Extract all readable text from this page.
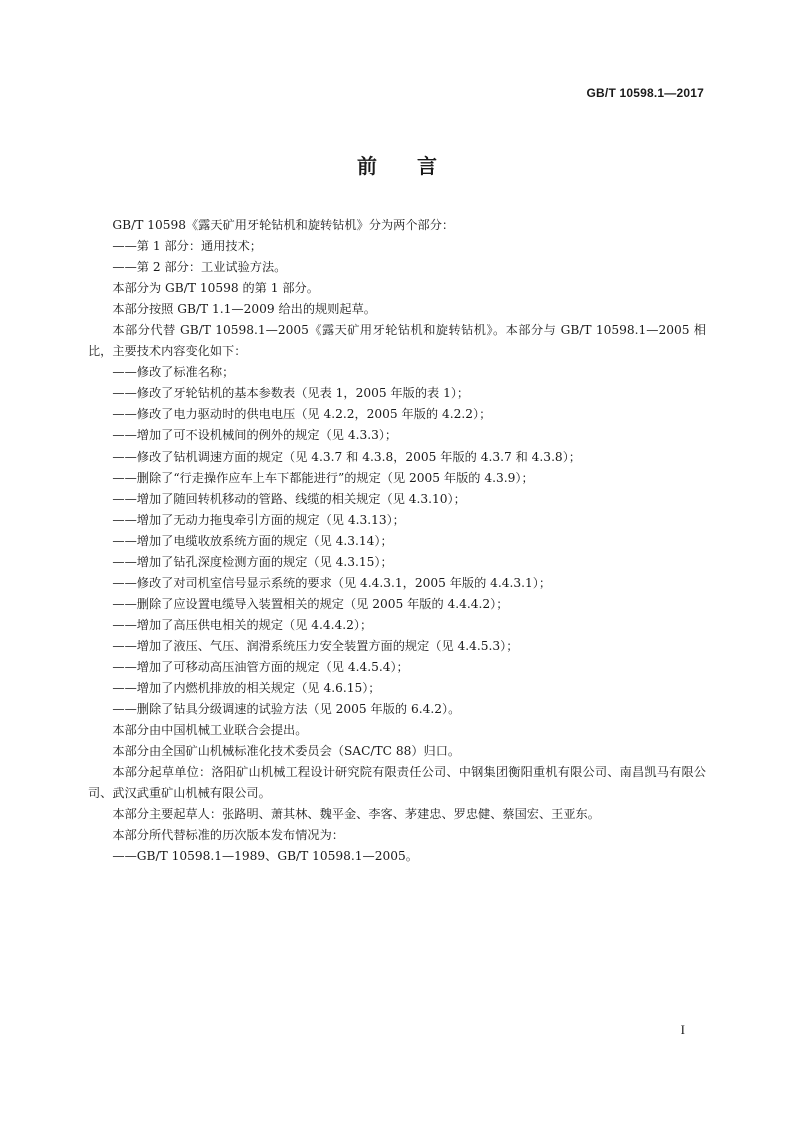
GB/T 10598.1—2017
前言

GB/T 10598《露天矿用牙轮钻机和旋转钻机》分为两个部分：

——第 1 部分：通用技术；

——第 2 部分：工业试验方法。

本部分为 GB/T 10598 的第 1 部分。

本部分按照 GB/T 1.1—2009 给出的规则起草。

本部分代替 GB/T 10598.1—2005《露天矿用牙轮钻机和旋转钻机》。本部分与 GB/T 10598.1—2005 相比，主要技术内容变化如下：

——修改了标准名称；

——修改了牙轮钻机的基本参数表（见表 1，2005 年版的表 1）；

——修改了电力驱动时的供电电压（见 4.2.2，2005 年版的 4.2.2）；

——增加了可不设机械间的例外的规定（见 4.3.3）；

——修改了钻机调速方面的规定（见 4.3.7 和 4.3.8，2005 年版的 4.3.7 和 4.3.8）；

——删除了“行走操作应车上车下都能进行”的规定（见 2005 年版的 4.3.9）；

——增加了随回转机移动的管路、线缆的相关规定（见 4.3.10）；

——增加了无动力拖曳牵引方面的规定（见 4.3.13）；

——增加了电缆收放系统方面的规定（见 4.3.14）；

——增加了钻孔深度检测方面的规定（见 4.3.15）；

——修改了对司机室信号显示系统的要求（见 4.4.3.1，2005 年版的 4.4.3.1）；

——删除了应设置电缆导入装置相关的规定（见 2005 年版的 4.4.4.2）；

——增加了高压供电相关的规定（见 4.4.4.2）；

——增加了液压、气压、润滑系统压力安全装置方面的规定（见 4.4.5.3）；

——增加了可移动高压油管方面的规定（见 4.4.5.4）；

——增加了内燃机排放的相关规定（见 4.6.15）；

——删除了钻具分级调速的试验方法（见 2005 年版的 6.4.2）。

本部分由中国机械工业联合会提出。

本部分由全国矿山机械标准化技术委员会（SAC/TC 88）归口。

本部分起草单位：洛阳矿山机械工程设计研究院有限责任公司、中钢集团衡阳重机有限公司、南昌凯马有限公司、武汉武重矿山机械有限公司。

本部分主要起草人：张路明、萧其林、魏平金、李客、茅建忠、罗忠健、蔡国宏、王亚东。

本部分所代替标准的历次版本发布情况为：

——GB/T 10598.1—1989、GB/T 10598.1—2005。

I
